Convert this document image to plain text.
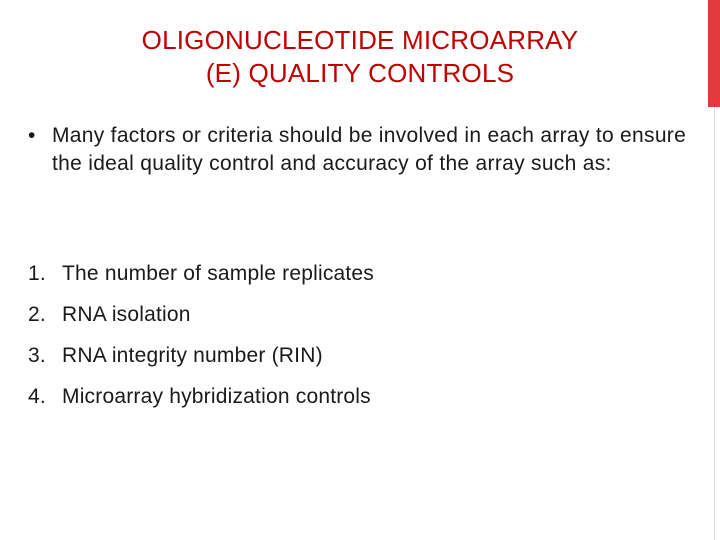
OLIGONUCLEOTIDE MICROARRAY
(E) QUALITY CONTROLS

• Many factors or criteria should be involved in each array to ensure the ideal quality control and accuracy of the array such as:

1. The number of sample replicates
2. RNA isolation
3. RNA integrity number (RIN)
4. Microarray hybridization controls
